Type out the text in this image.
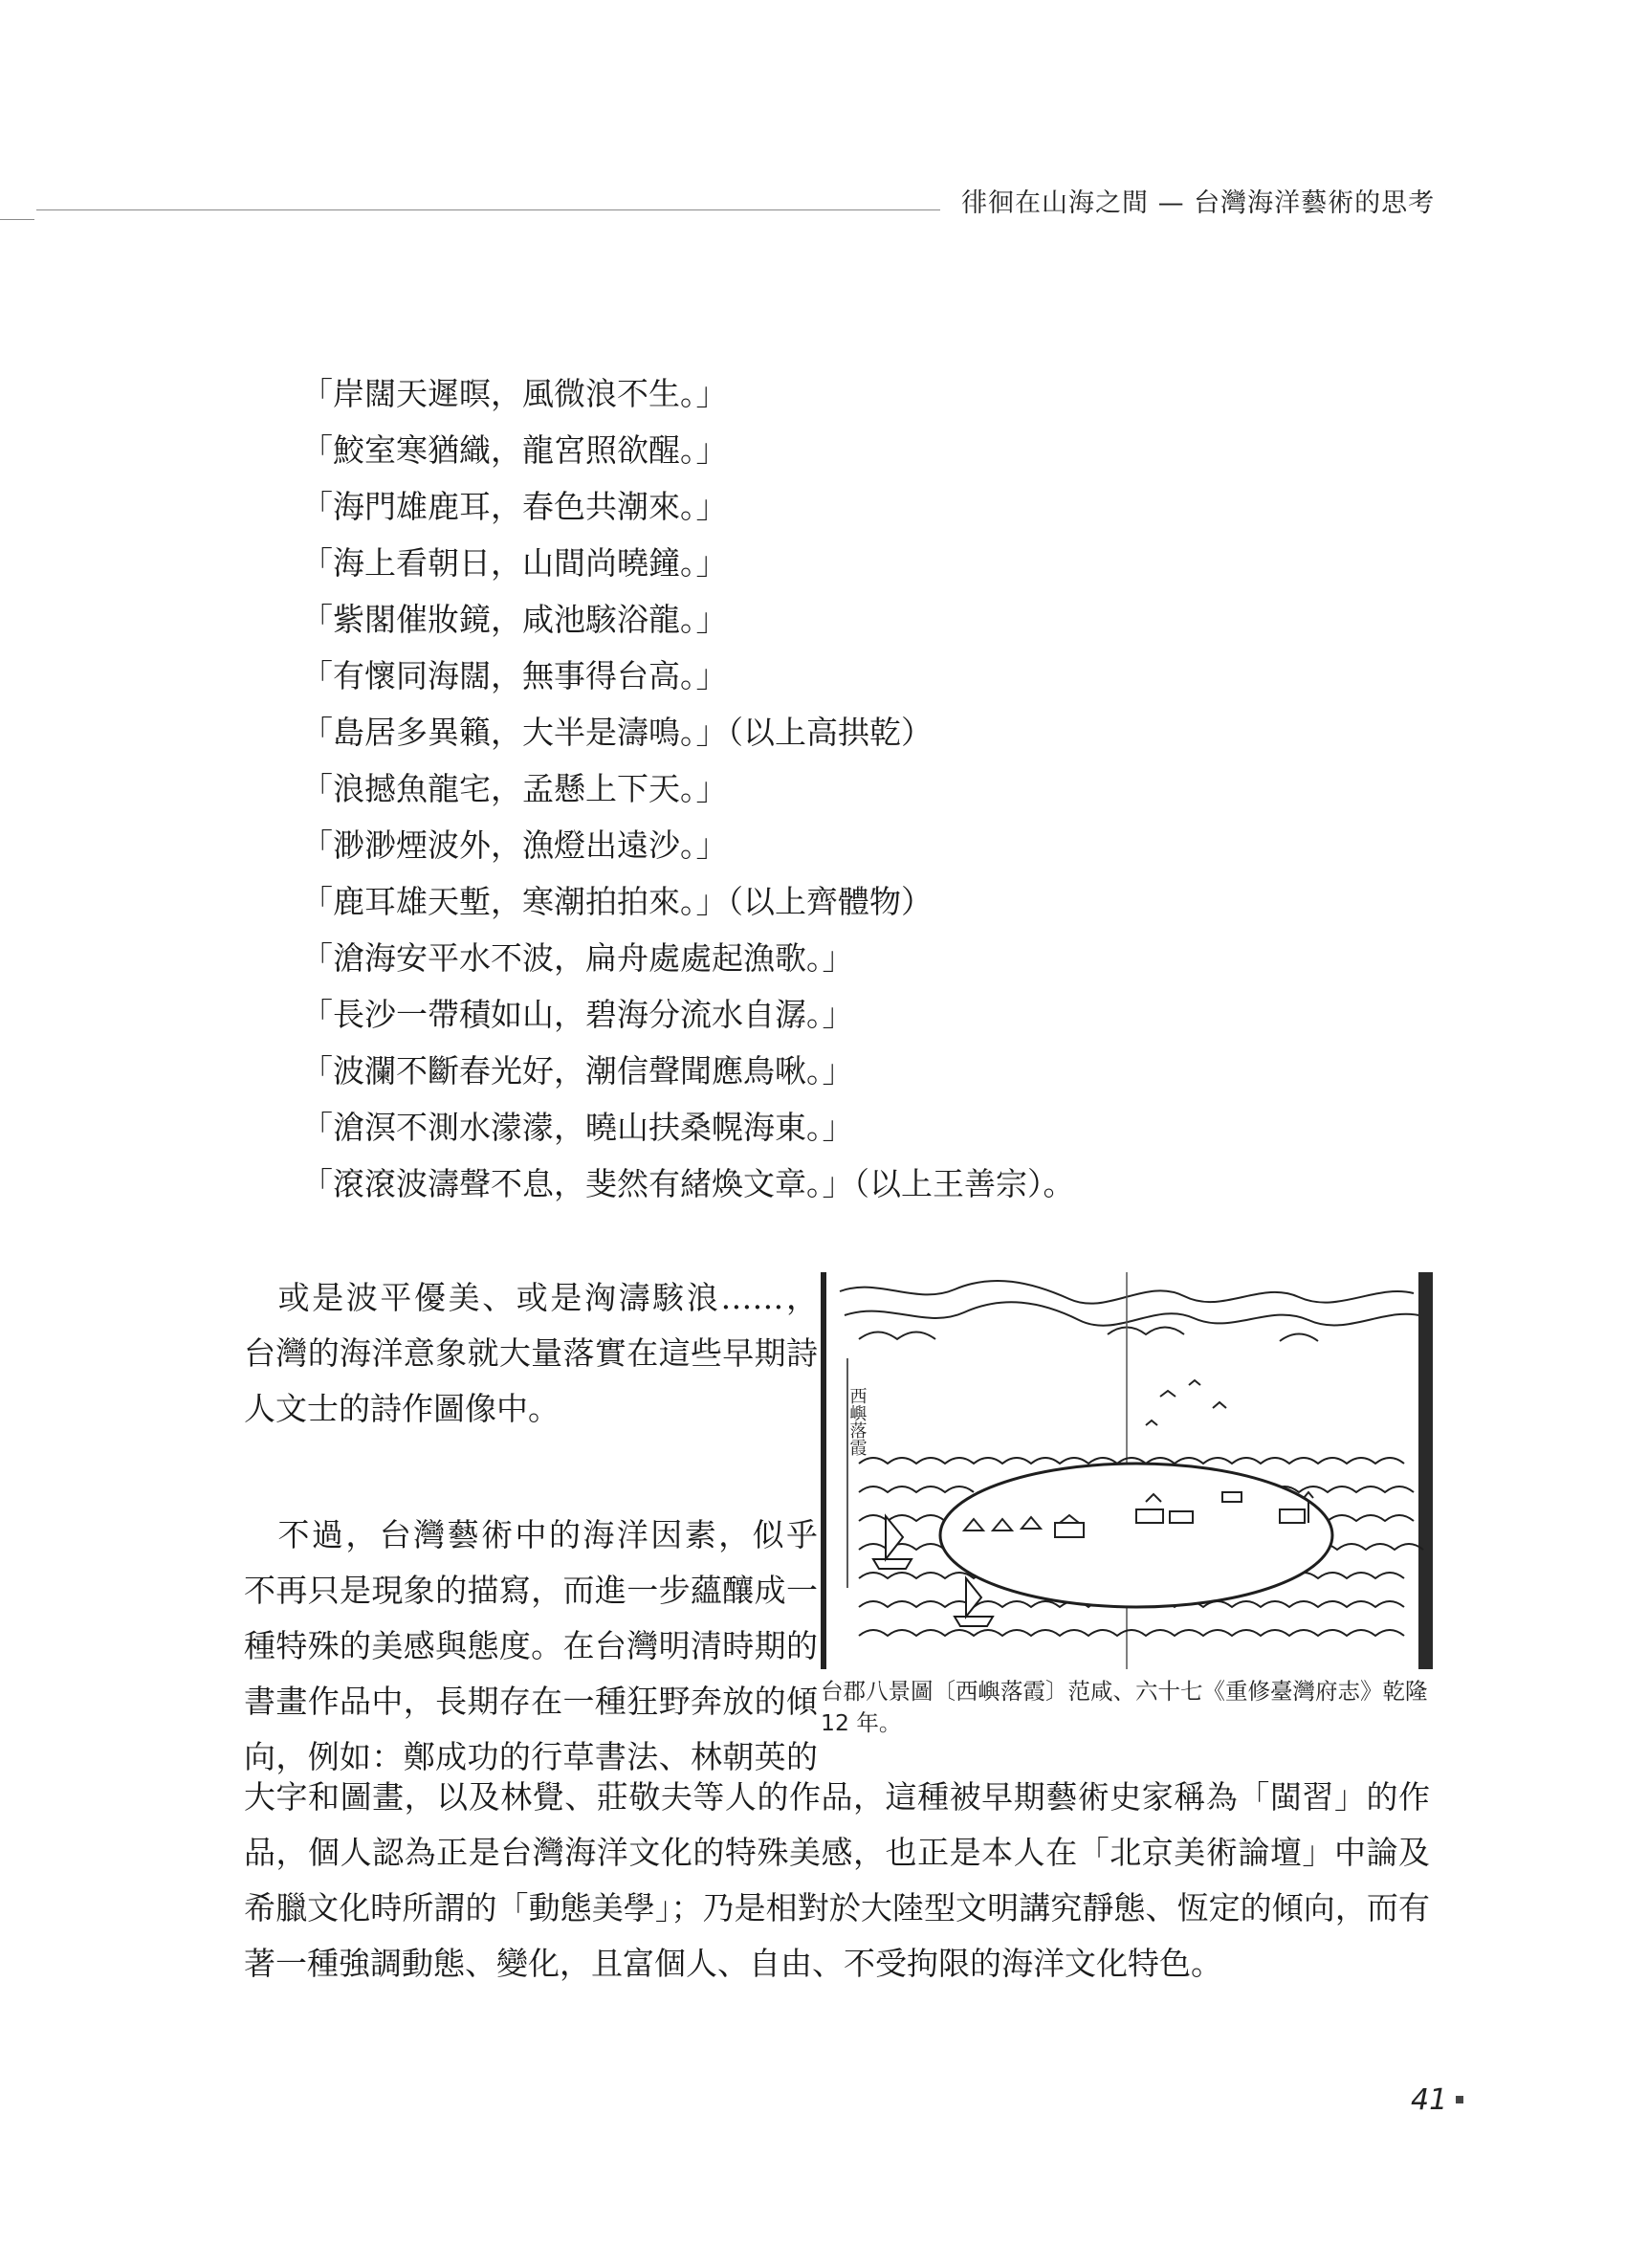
徘徊在山海之間 — 台灣海洋藝術的思考
「岸闊天遲暝，風微浪不生。」
「鮫室寒猶織，龍宮照欲醒。」
「海門雄鹿耳，春色共潮來。」
「海上看朝日，山間尚曉鐘。」
「紫閣催妝鏡，咸池駭浴龍。」
「有懷同海闊，無事得台高。」
「島居多異籟，大半是濤鳴。」（以上高拱乾）
「浪撼魚龍宅，孟懸上下天。」
「渺渺煙波外，漁燈出遠沙。」
「鹿耳雄天塹，寒潮拍拍來。」（以上齊體物）
「滄海安平水不波，扁舟處處起漁歌。」
「長沙一帶積如山，碧海分流水自潺。」
「波瀾不斷春光好，潮信聲聞應鳥啾。」
「滄溟不測水濛濛，曉山扶桑幌海東。」
「滾滾波濤聲不息，斐然有緒煥文章。」（以上王善宗）。

　或是波平優美、或是洶濤駭浪……，

台灣的海洋意象就大量落實在這些早期詩

人文士的詩作圖像中。

　不過，台灣藝術中的海洋因素，似乎

不再只是現象的描寫，而進一步蘊釀成一

種特殊的美感與態度。在台灣明清時期的

書畫作品中，長期存在一種狂野奔放的傾

向，例如：鄭成功的行草書法、林朝英的

大字和圖畫，以及林覺、莊敬夫等人的作品，這種被早期藝術史家稱為「閩習」的作品，個人認為正是台灣海洋文化的特殊美感，也正是本人在「北京美術論壇」中論及希臘文化時所謂的「動態美學」；乃是相對於大陸型文明講究靜態、恆定的傾向，而有著一種強調動態、變化，且富個人、自由、不受拘限的海洋文化特色。

西嶼落霞

台郡八景圖〔西嶼落霞〕范咸、六十七《重修臺灣府志》乾隆12 年。

41
